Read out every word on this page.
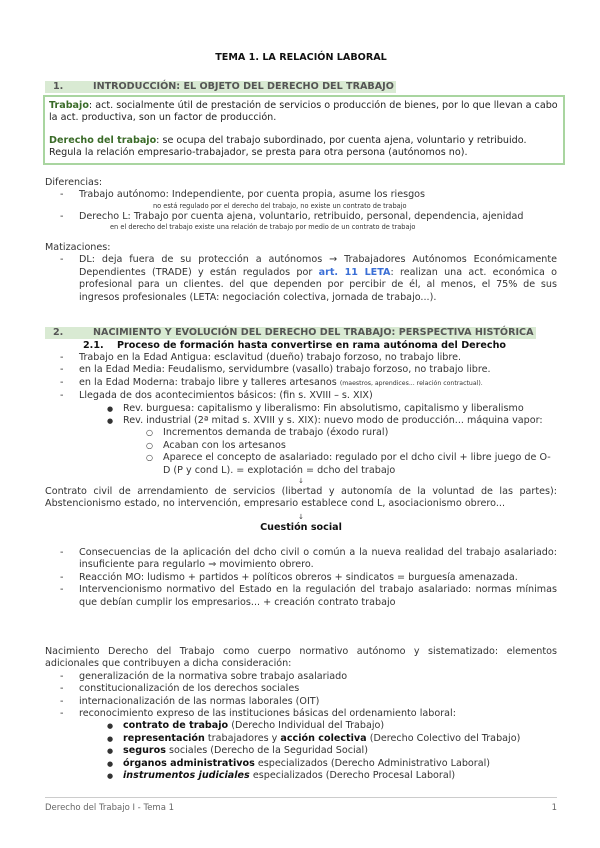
TEMA 1. LA RELACIÓN LABORAL
1.	INTRODUCCIÓN: EL OBJETO DEL DERECHO DEL TRABAJO

Trabajo: act. socialmente útil de prestación de servicios o producción de bienes, por lo que llevan a cabo la act. productiva, son un factor de producción.

Derecho del trabajo: se ocupa del trabajo subordinado, por cuenta ajena, voluntario y retribuido. Regula la relación empresario-trabajador, se presta para otra persona (autónomos no).

Diferencias:
- Trabajo autónomo: Independiente, por cuenta propia, asume los riesgos
no está regulado por el derecho del trabajo, no existe un contrato de trabajo
- Derecho L: Trabajo por cuenta ajena, voluntario, retribuido, personal, dependencia, ajenidad
en el derecho del trabajo existe una relación de trabajo por medio de un contrato de trabajo
Matizaciones:
- DL: deja fuera de su protección a autónomos → Trabajadores Autónomos Económicamente Dependientes (TRADE) y están regulados por art. 11 LETA: realizan una act. económica o profesional para un clientes. del que dependen por percibir de él, al menos, el 75% de sus ingresos profesionales (LETA: negociación colectiva, jornada de trabajo...).
2.	NACIMIENTO Y EVOLUCIÓN DEL DERECHO DEL TRABAJO: PERSPECTIVA HISTÓRICA
2.1. Proceso de formación hasta convertirse en rama autónoma del Derecho
- Trabajo en la Edad Antigua: esclavitud (dueño) trabajo forzoso, no trabajo libre.
- en la Edad Media: Feudalismo, servidumbre (vasallo) trabajo forzoso, no trabajo libre.
- en la Edad Moderna: trabajo libre y talleres artesanos (maestros, aprendices... relación contractual).
- Llegada de dos acontecimientos básicos: (fin s. XVIII – s. XIX)
● Rev. burguesa: capitalismo y liberalismo: Fin absolutismo, capitalismo y liberalismo
● Rev. industrial (2ª mitad s. XVIII y s. XIX): nuevo modo de producción... máquina vapor:
○ Incrementos demanda de trabajo (éxodo rural)
○ Acaban con los artesanos
○ Aparece el concepto de asalariado: regulado por el dcho civil + libre juego de O-D (P y cond L). = explotación = dcho del trabajo
↓
Contrato civil de arrendamiento de servicios (libertad y autonomía de la voluntad de las partes): Abstencionismo estado, no intervención, empresario establece cond L, asociacionismo obrero...
↓
Cuestión social
- Consecuencias de la aplicación del dcho civil o común a la nueva realidad del trabajo asalariado: insuficiente para regularlo ⇒ movimiento obrero.
- Reacción MO: ludismo + partidos + políticos obreros + sindicatos = burguesía amenazada.
- Intervencionismo normativo del Estado en la regulación del trabajo asalariado: normas mínimas que debían cumplir los empresarios... + creación contrato trabajo
Nacimiento Derecho del Trabajo como cuerpo normativo autónomo y sistematizado: elementos adicionales que contribuyen a dicha consideración:
- generalización de la normativa sobre trabajo asalariado
- constitucionalización de los derechos sociales
- internacionalización de las normas laborales (OIT)
- reconocimiento expreso de las instituciones básicas del ordenamiento laboral:
● contrato de trabajo (Derecho Individual del Trabajo)
● representación trabajadores y acción colectiva (Derecho Colectivo del Trabajo)
● seguros sociales (Derecho de la Seguridad Social)
● órganos administrativos especializados (Derecho Administrativo Laboral)
● instrumentos judiciales especializados (Derecho Procesal Laboral)
Derecho del Trabajo I - Tema 1	1
